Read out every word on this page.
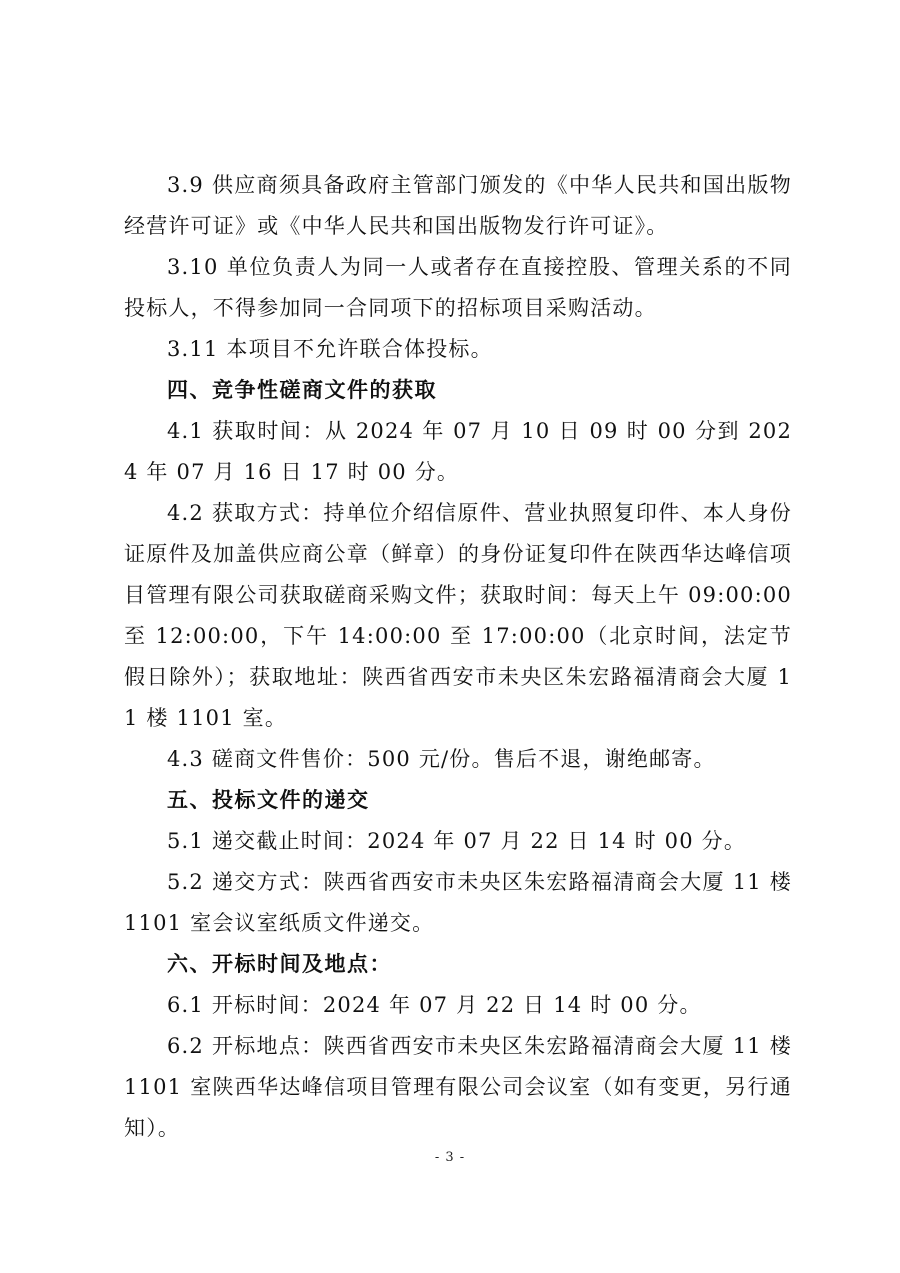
3.9 供应商须具备政府主管部门颁发的《中华人民共和国出版物经营许可证》或《中华人民共和国出版物发行许可证》。

3.10 单位负责人为同一人或者存在直接控股、管理关系的不同投标人，不得参加同一合同项下的招标项目采购活动。

3.11 本项目不允许联合体投标。

四、竞争性磋商文件的获取

4.1 获取时间：从 2024 年 07 月 10 日 09 时 00 分到 2024 年 07 月 16 日 17 时 00 分。

4.2 获取方式：持单位介绍信原件、营业执照复印件、本人身份证原件及加盖供应商公章（鲜章）的身份证复印件在陕西华达峰信项目管理有限公司获取磋商采购文件；获取时间：每天上午 09:00:00 至 12:00:00，下午 14:00:00 至 17:00:00（北京时间，法定节假日除外）；获取地址：陕西省西安市未央区朱宏路福清商会大厦 11 楼 1101 室。

4.3 磋商文件售价：500 元/份。售后不退，谢绝邮寄。

五、投标文件的递交

5.1 递交截止时间：2024 年 07 月 22 日 14 时 00 分。

5.2 递交方式：陕西省西安市未央区朱宏路福清商会大厦 11 楼 1101 室会议室纸质文件递交。

六、开标时间及地点：

6.1 开标时间：2024 年 07 月 22 日 14 时 00 分。

6.2 开标地点：陕西省西安市未央区朱宏路福清商会大厦 11 楼 1101 室陕西华达峰信项目管理有限公司会议室（如有变更，另行通知）。

- 3 -
